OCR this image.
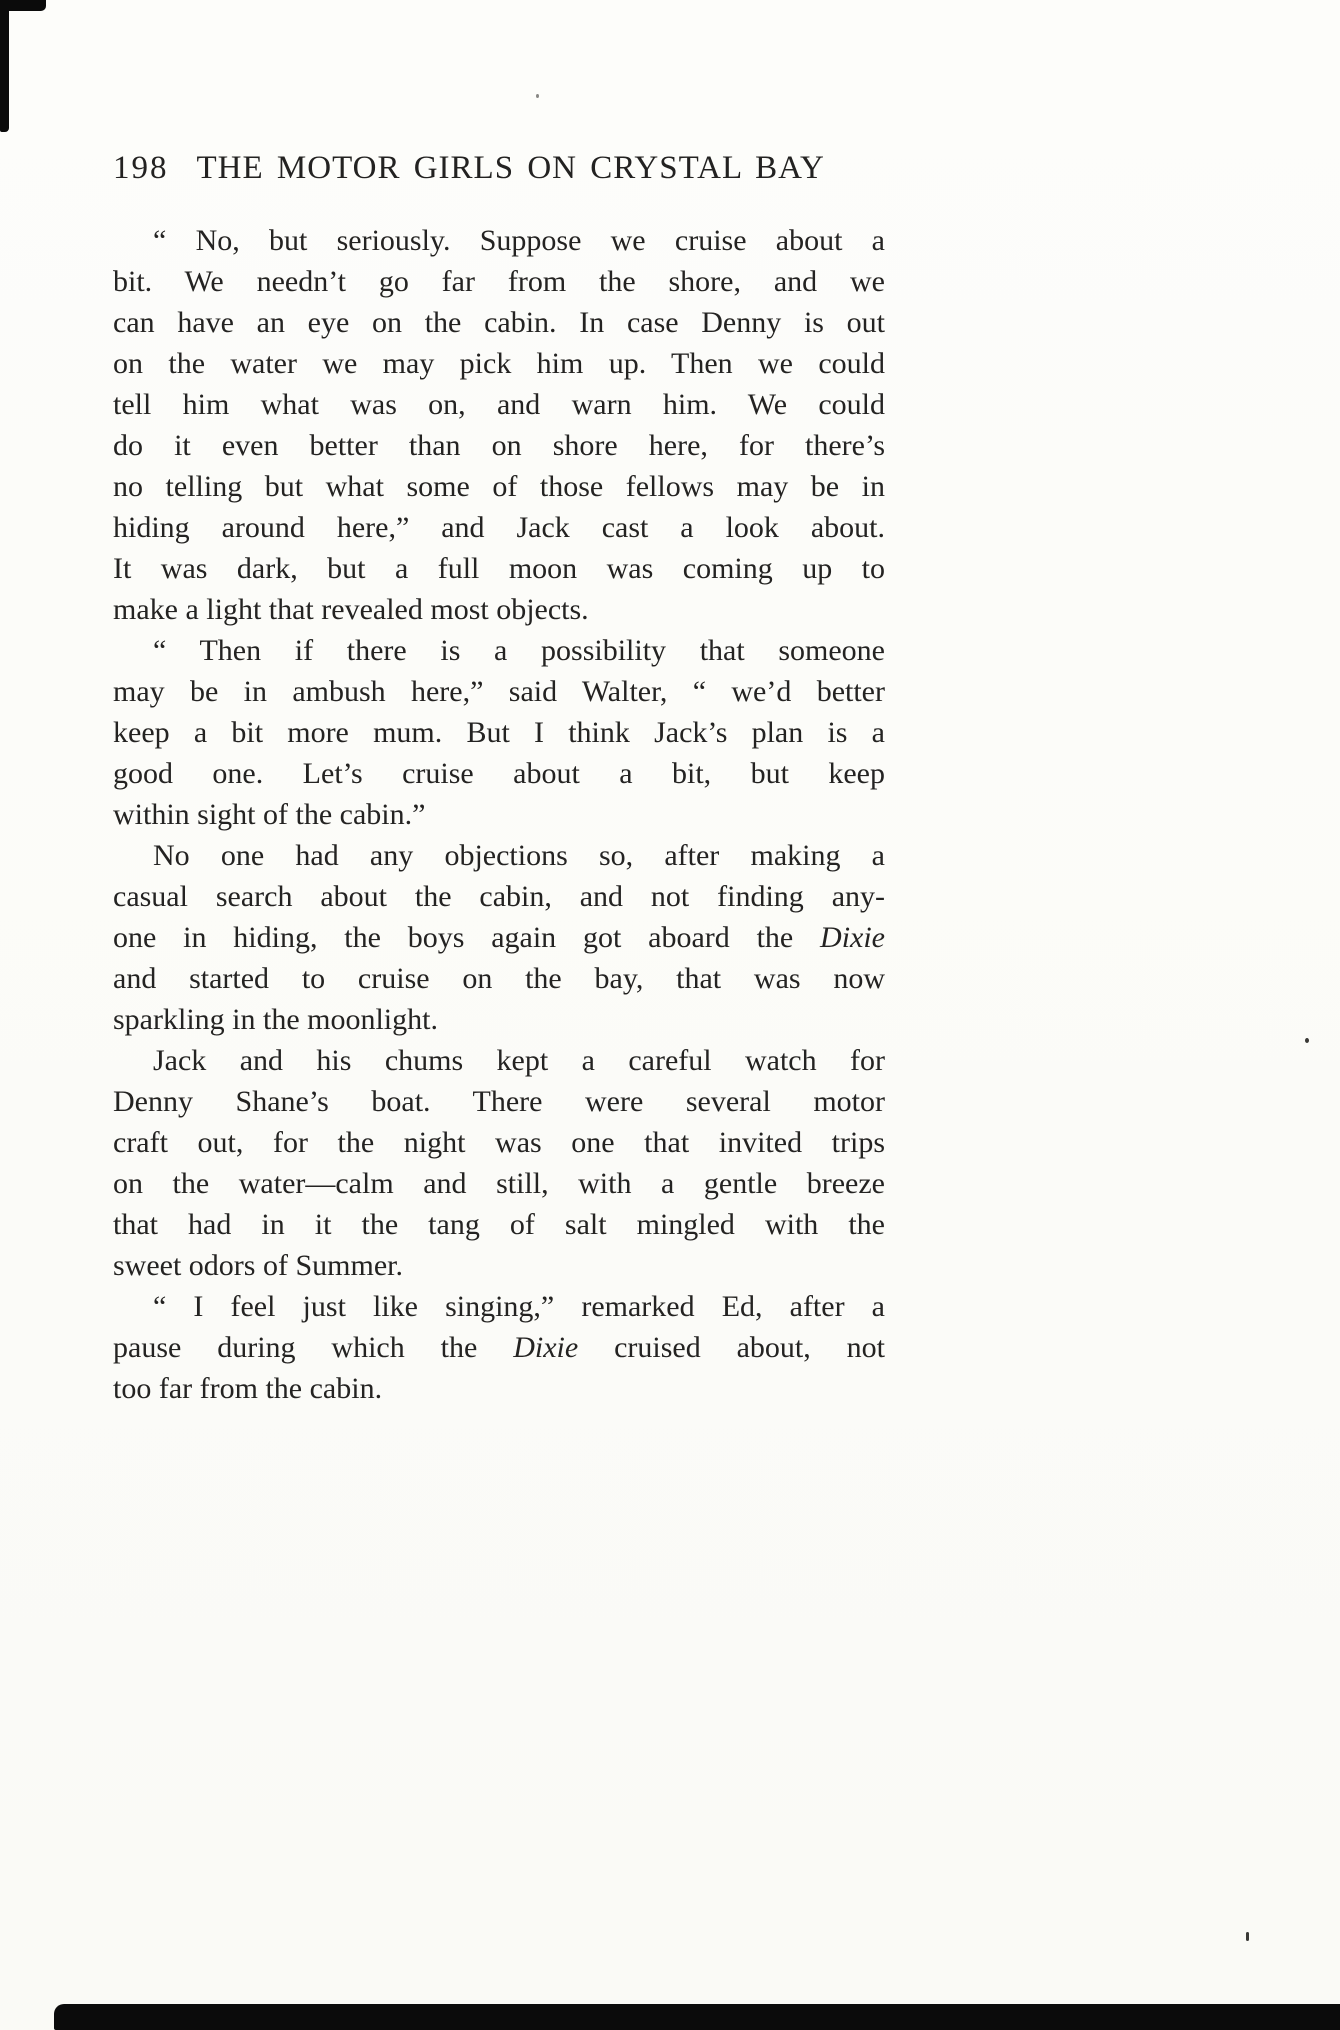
198 THE MOTOR GIRLS ON CRYSTAL BAY
“ No, but seriously. Suppose we cruise about a
bit. We needn’t go far from the shore, and we
can have an eye on the cabin. In case Denny is out
on the water we may pick him up. Then we could
tell him what was on, and warn him. We could
do it even better than on shore here, for there’s
no telling but what some of those fellows may be in
hiding around here,” and Jack cast a look about.
It was dark, but a full moon was coming up to
make a light that revealed most objects.
“ Then if there is a possibility that someone
may be in ambush here,” said Walter, “ we’d better
keep a bit more mum. But I think Jack’s plan is a
good one. Let’s cruise about a bit, but keep
within sight of the cabin.”
No one had any objections so, after making a
casual search about the cabin, and not finding any-
one in hiding, the boys again got aboard the Dixie
and started to cruise on the bay, that was now
sparkling in the moonlight.
Jack and his chums kept a careful watch for
Denny Shane’s boat. There were several motor
craft out, for the night was one that invited trips
on the water—calm and still, with a gentle breeze
that had in it the tang of salt mingled with the
sweet odors of Summer.
“ I feel just like singing,” remarked Ed, after a
pause during which the Dixie cruised about, not
too far from the cabin.
